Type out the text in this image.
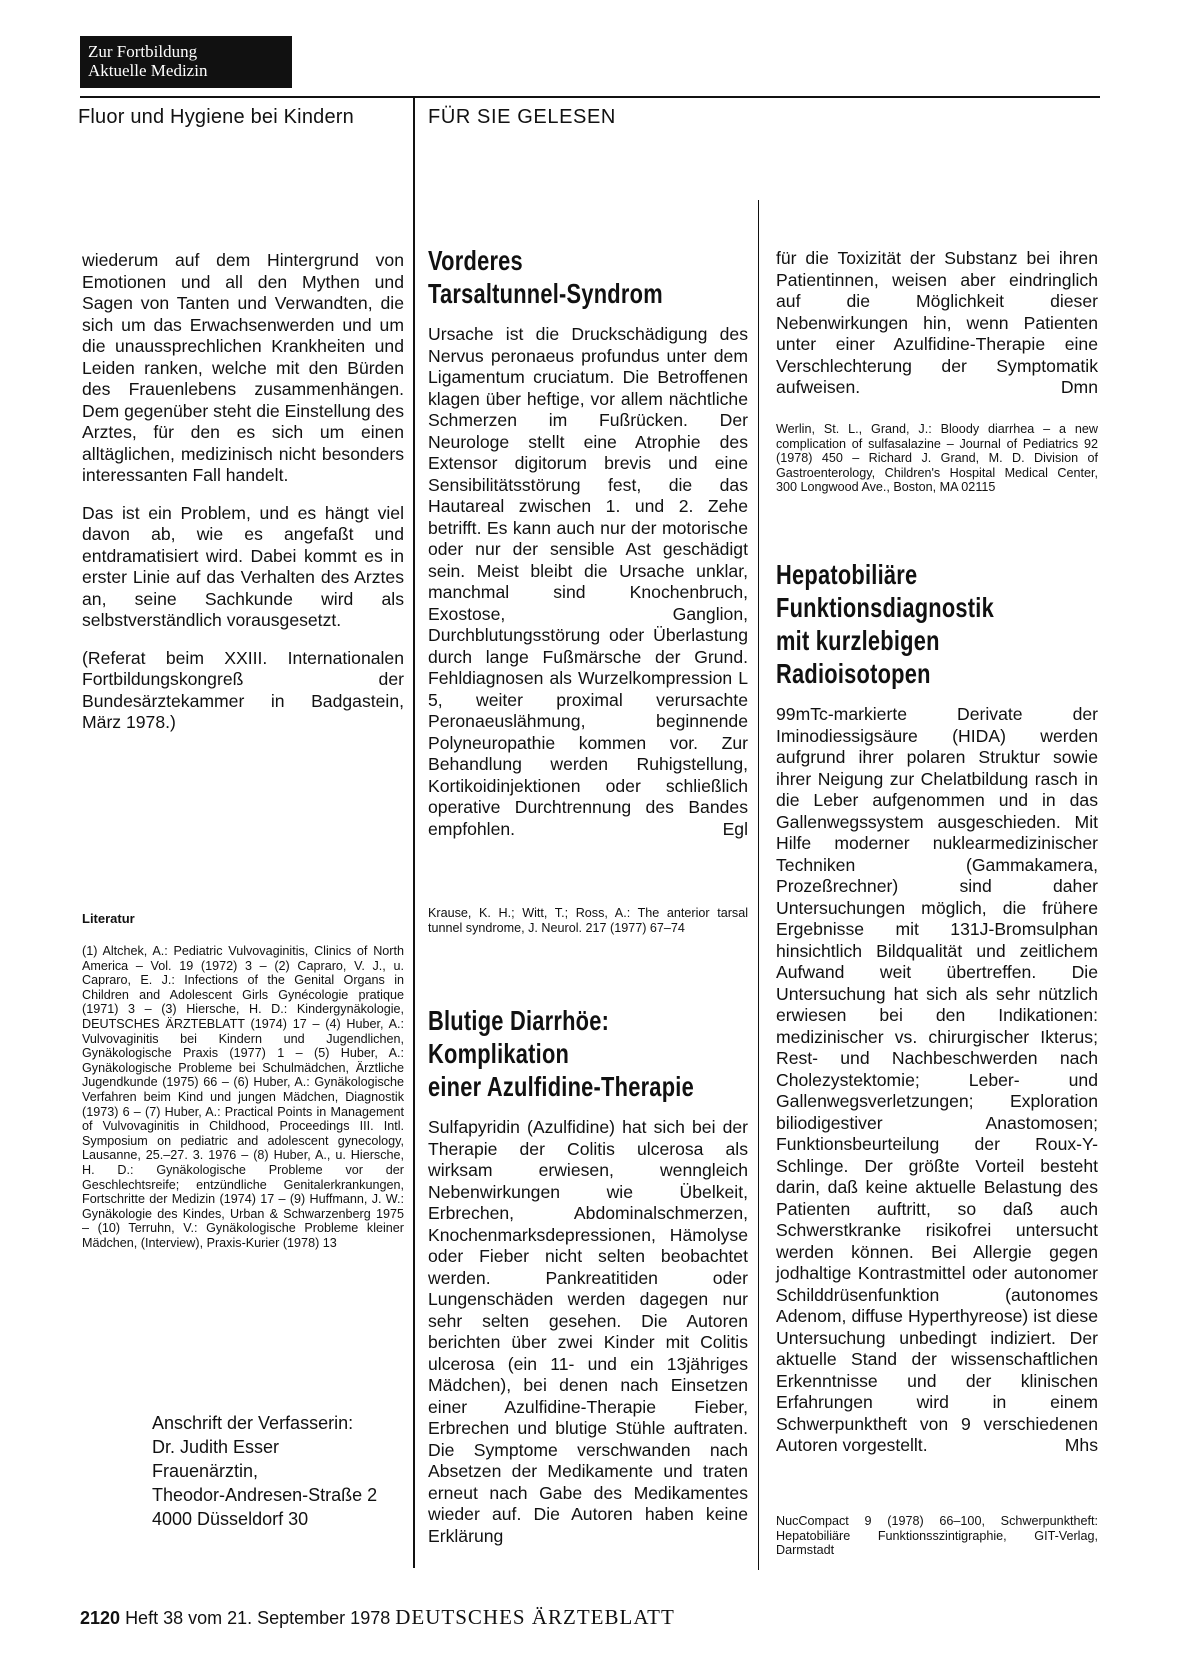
Zur Fortbildung
Aktuelle Medizin
Fluor und Hygiene bei Kindern	FÜR SIE GELESEN

wiederum auf dem Hintergrund von Emotionen und all den Mythen und Sagen von Tanten und Verwandten, die sich um das Erwachsenwerden und um die unaussprechlichen Krankheiten und Leiden ranken, welche mit den Bürden des Frauenlebens zusammenhängen. Dem gegenüber steht die Einstellung des Arztes, für den es sich um einen alltäglichen, medizinisch nicht besonders interessanten Fall handelt.

Das ist ein Problem, und es hängt viel davon ab, wie es angefaßt und entdramatisiert wird. Dabei kommt es in erster Linie auf das Verhalten des Arztes an, seine Sachkunde wird als selbstverständlich vorausgesetzt.

(Referat beim XXIII. Internationalen Fortbildungskongreß der Bundesärztekammer in Badgastein, März 1978.)

Literatur
(1) Altchek, A.: Pediatric Vulvovaginitis, Clinics of North America – Vol. 19 (1972) 3 – (2) Capraro, V. J., u. Capraro, E. J.: Infections of the Genital Organs in Children and Adolescent Girls Gynécologie pratique (1971) 3 – (3) Hiersche, H. D.: Kindergynäkologie, DEUTSCHES ÄRZTEBLATT (1974) 17 – (4) Huber, A.: Vulvovaginitis bei Kindern und Jugendlichen, Gynäkologische Praxis (1977) 1 – (5) Huber, A.: Gynäkologische Probleme bei Schulmädchen, Ärztliche Jugendkunde (1975) 66 – (6) Huber, A.: Gynäkologische Verfahren beim Kind und jungen Mädchen, Diagnostik (1973) 6 – (7) Huber, A.: Practical Points in Management of Vulvovaginitis in Childhood, Proceedings III. Intl. Symposium on pediatric and adolescent gynecology, Lausanne, 25.–27. 3. 1976 – (8) Huber, A., u. Hiersche, H. D.: Gynäkologische Probleme vor der Geschlechtsreife; entzündliche Genitalerkrankungen, Fortschritte der Medizin (1974) 17 – (9) Huffmann, J. W.: Gynäkologie des Kindes, Urban & Schwarzenberg 1975 – (10) Terruhn, V.: Gynäkologische Probleme kleiner Mädchen, (Interview), Praxis-Kurier (1978) 13
Anschrift der Verfasserin:
Dr. Judith Esser
Frauenärztin,
Theodor-Andresen-Straße 2
4000 Düsseldorf 30
Vorderes
Tarsaltunnel-Syndrom
Ursache ist die Druckschädigung des Nervus peronaeus profundus unter dem Ligamentum cruciatum. Die Betroffenen klagen über heftige, vor allem nächtliche Schmerzen im Fußrücken. Der Neurologe stellt eine Atrophie des Extensor digitorum brevis und eine Sensibilitätsstörung fest, die das Hautareal zwischen 1. und 2. Zehe betrifft. Es kann auch nur der motorische oder nur der sensible Ast geschädigt sein. Meist bleibt die Ursache unklar, manchmal sind Knochenbruch, Exostose, Ganglion, Durchblutungsstörung oder Überlastung durch lange Fußmärsche der Grund. Fehldiagnosen als Wurzelkompression L 5, weiter proximal verursachte Peronaeuslähmung, beginnende Polyneuropathie kommen vor. Zur Behandlung werden Ruhigstellung, Kortikoidinjektionen oder schließlich operative Durchtrennung des Bandes empfohlen.	Egl
Krause, K. H.; Witt, T.; Ross, A.: The anterior tarsal tunnel syndrome, J. Neurol. 217 (1977) 67–74
Blutige Diarrhöe:
Komplikation
einer Azulfidine-Therapie
Sulfapyridin (Azulfidine) hat sich bei der Therapie der Colitis ulcerosa als wirksam erwiesen, wenngleich Nebenwirkungen wie Übelkeit, Erbrechen, Abdominalschmerzen, Knochenmarksdepressionen, Hämolyse oder Fieber nicht selten beobachtet werden. Pankreatitiden oder Lungenschäden werden dagegen nur sehr selten gesehen. Die Autoren berichten über zwei Kinder mit Colitis ulcerosa (ein 11- und ein 13jähriges Mädchen), bei denen nach Einsetzen einer Azulfidine-Therapie Fieber, Erbrechen und blutige Stühle auftraten. Die Symptome verschwanden nach Absetzen der Medikamente und traten erneut nach Gabe des Medikamentes wieder auf. Die Autoren haben keine Erklärung
für die Toxizität der Substanz bei ihren Patientinnen, weisen aber eindringlich auf die Möglichkeit dieser Nebenwirkungen hin, wenn Patienten unter einer Azulfidine-Therapie eine Verschlechterung der Symptomatik aufweisen.	Dmn
Werlin, St. L., Grand, J.: Bloody diarrhea – a new complication of sulfasalazine – Journal of Pediatrics 92 (1978) 450 – Richard J. Grand, M. D. Division of Gastroenterology, Children's Hospital Medical Center, 300 Longwood Ave., Boston, MA 02115
Hepatobiliäre
Funktionsdiagnostik
mit kurzlebigen
Radioisotopen
99mTc-markierte Derivate der Iminodiessigsäure (HIDA) werden aufgrund ihrer polaren Struktur sowie ihrer Neigung zur Chelatbildung rasch in die Leber aufgenommen und in das Gallenwegssystem ausgeschieden. Mit Hilfe moderner nuklearmedizinischer Techniken (Gammakamera, Prozeßrechner) sind daher Untersuchungen möglich, die frühere Ergebnisse mit 131J-Bromsulphan hinsichtlich Bildqualität und zeitlichem Aufwand weit übertreffen. Die Untersuchung hat sich als sehr nützlich erwiesen bei den Indikationen: medizinischer vs. chirurgischer Ikterus; Rest- und Nachbeschwerden nach Cholezystektomie; Leber- und Gallenwegsverletzungen; Exploration biliodigestiver Anastomosen; Funktionsbeurteilung der Roux-Y-Schlinge. Der größte Vorteil besteht darin, daß keine aktuelle Belastung des Patienten auftritt, so daß auch Schwerstkranke risikofrei untersucht werden können. Bei Allergie gegen jodhaltige Kontrastmittel oder autonomer Schilddrüsenfunktion (autonomes Adenom, diffuse Hyperthyreose) ist diese Untersuchung unbedingt indiziert. Der aktuelle Stand der wissenschaftlichen Erkenntnisse und der klinischen Erfahrungen wird in einem Schwerpunktheft von 9 verschiedenen Autoren vorgestellt.	Mhs
NucCompact 9 (1978) 66–100, Schwerpunktheft: Hepatobiliäre Funktionsszintigraphie, GIT-Verlag, Darmstadt
2120 Heft 38 vom 21. September 1978 DEUTSCHES ÄRZTEBLATT
